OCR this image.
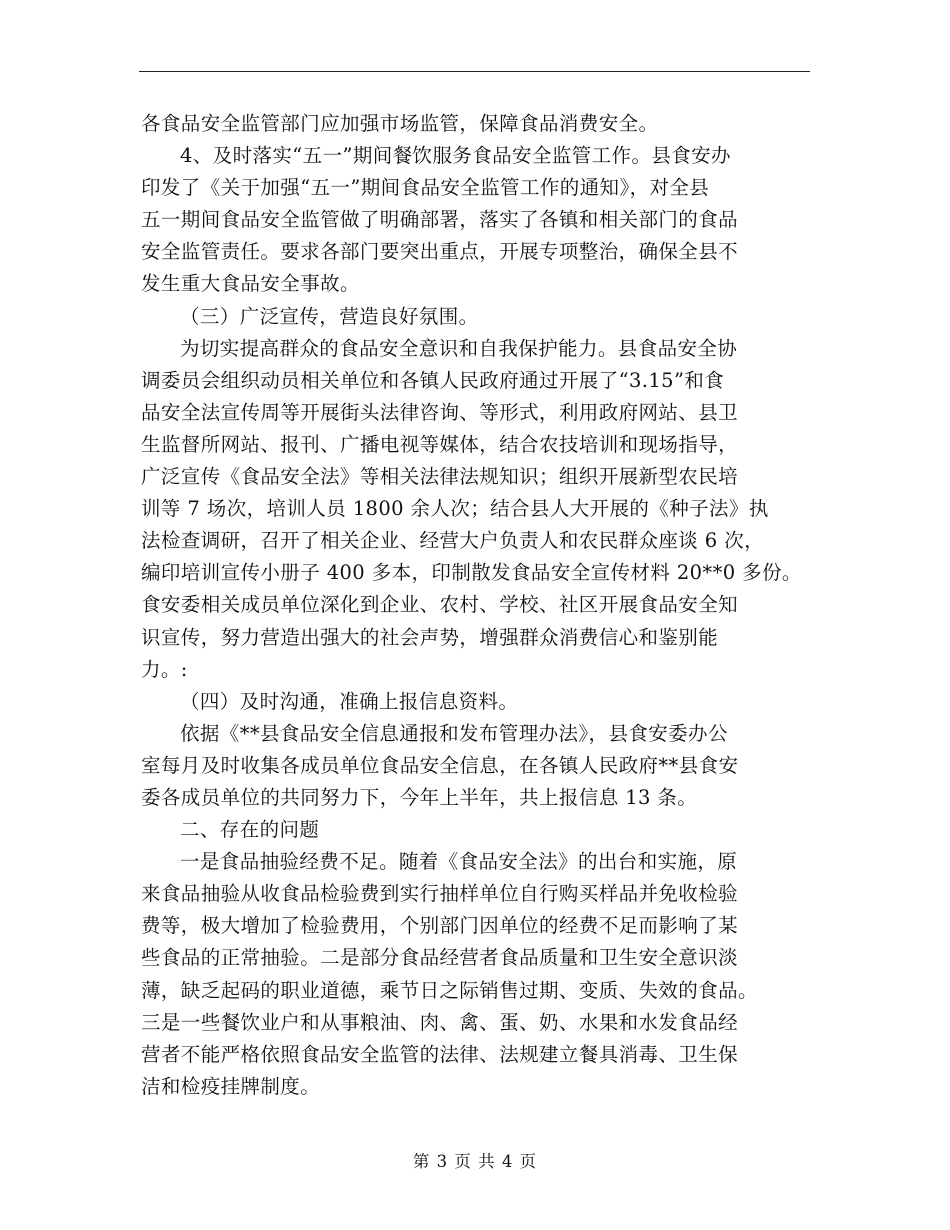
各食品安全监管部门应加强市场监管，保障食品消费安全。
4、及时落实“五一”期间餐饮服务食品安全监管工作。县食安办
印发了《关于加强“五一”期间食品安全监管工作的通知》，对全县
五一期间食品安全监管做了明确部署，落实了各镇和相关部门的食品
安全监管责任。要求各部门要突出重点，开展专项整治，确保全县不
发生重大食品安全事故。
（三）广泛宣传，营造良好氛围。
为切实提高群众的食品安全意识和自我保护能力。县食品安全协
调委员会组织动员相关单位和各镇人民政府通过开展了“3.15”和食
品安全法宣传周等开展街头法律咨询、等形式，利用政府网站、县卫
生监督所网站、报刊、广播电视等媒体，结合农技培训和现场指导，
广泛宣传《食品安全法》等相关法律法规知识；组织开展新型农民培
训等 7 场次，培训人员 1800 余人次；结合县人大开展的《种子法》执
法检查调研，召开了相关企业、经营大户负责人和农民群众座谈 6 次，
编印培训宣传小册子 400 多本，印制散发食品安全宣传材料 20**0 多份。
食安委相关成员单位深化到企业、农村、学校、社区开展食品安全知
识宣传，努力营造出强大的社会声势，增强群众消费信心和鉴别能
力。:
（四）及时沟通，准确上报信息资料。
依据《**县食品安全信息通报和发布管理办法》，县食安委办公
室每月及时收集各成员单位食品安全信息，在各镇人民政府**县食安
委各成员单位的共同努力下，今年上半年，共上报信息 13 条。
二、存在的问题
一是食品抽验经费不足。随着《食品安全法》的出台和实施，原
来食品抽验从收食品检验费到实行抽样单位自行购买样品并免收检验
费等，极大增加了检验费用，个别部门因单位的经费不足而影响了某
些食品的正常抽验。二是部分食品经营者食品质量和卫生安全意识淡
薄，缺乏起码的职业道德，乘节日之际销售过期、变质、失效的食品。
三是一些餐饮业户和从事粮油、肉、禽、蛋、奶、水果和水发食品经
营者不能严格依照食品安全监管的法律、法规建立餐具消毒、卫生保
洁和检疫挂牌制度。
第 3 页 共 4 页
